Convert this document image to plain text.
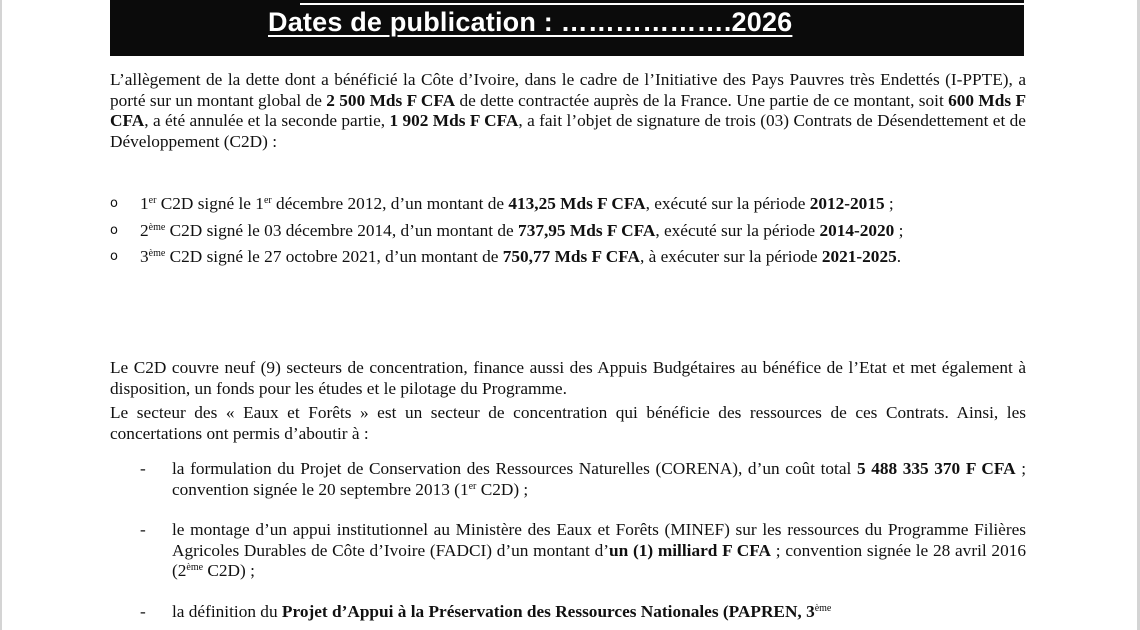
Dates de publication : ……………….2026

L’allègement de la dette dont a bénéficié la Côte d’Ivoire, dans le cadre de l’Initiative des Pays Pauvres très Endettés (I-PPTE), a porté sur un montant global de 2 500 Mds F CFA de dette contractée auprès de la France. Une partie de ce montant, soit 600 Mds F CFA, a été annulée et la seconde partie, 1 902 Mds F CFA, a fait l’objet de signature de trois (03) Contrats de Désendettement et de Développement (C2D) :

o 1er C2D signé le 1er décembre 2012, d’un montant de 413,25 Mds F CFA, exécuté sur la période 2012-2015 ;
o 2ème C2D signé le 03 décembre 2014, d’un montant de 737,95 Mds F CFA, exécuté sur la période 2014-2020 ;
o 3ème C2D signé le 27 octobre 2021, d’un montant de 750,77 Mds F CFA, à exécuter sur la période 2021-2025.

Le C2D couvre neuf (9) secteurs de concentration, finance aussi des Appuis Budgétaires au bénéfice de l’Etat et met également à disposition, un fonds pour les études et le pilotage du Programme.

Le secteur des « Eaux et Forêts » est un secteur de concentration qui bénéficie des ressources de ces Contrats. Ainsi, les concertations ont permis d’aboutir à :

- la formulation du Projet de Conservation des Ressources Naturelles (CORENA), d’un coût total 5 488 335 370 F CFA ; convention signée le 20 septembre 2013 (1er C2D) ;
- le montage d’un appui institutionnel au Ministère des Eaux et Forêts (MINEF) sur les ressources du Programme Filières Agricoles Durables de Côte d’Ivoire (FADCI) d’un montant d’un (1) milliard F CFA ; convention signée le 28 avril 2016 (2ème C2D) ;
- la définition du Projet d’Appui à la Préservation des Ressources Nationales (PAPREN, 3ème
